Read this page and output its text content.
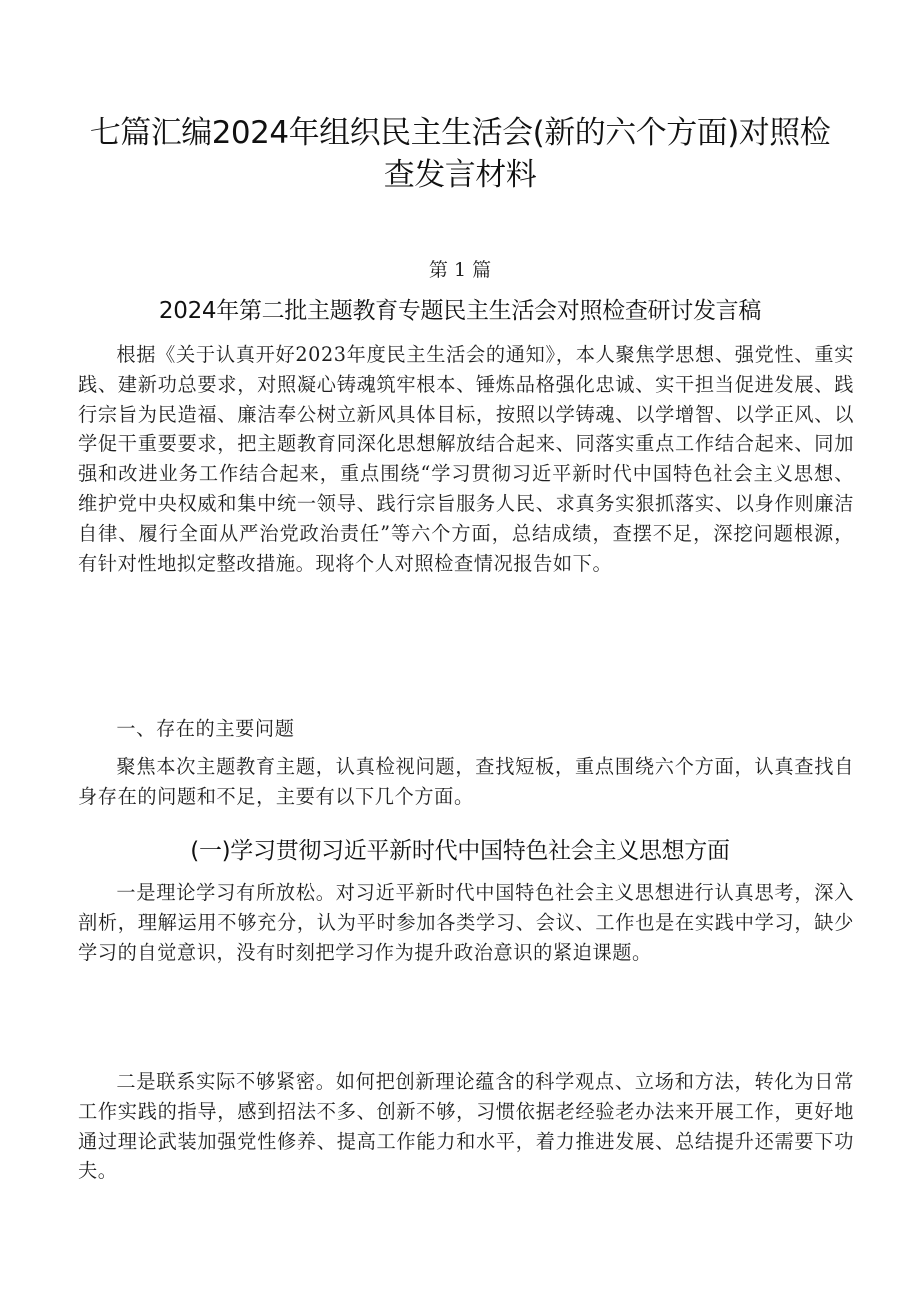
七篇汇编2024年组织民主生活会(新的六个方面)对照检查发言材料
第 1 篇
2024年第二批主题教育专题民主生活会对照检查研讨发言稿
根据《关于认真开好2023年度民主生活会的通知》，本人聚焦学思想、强党性、重实践、建新功总要求，对照凝心铸魂筑牢根本、锤炼品格强化忠诚、实干担当促进发展、践行宗旨为民造福、廉洁奉公树立新风具体目标，按照以学铸魂、以学增智、以学正风、以学促干重要要求，把主题教育同深化思想解放结合起来、同落实重点工作结合起来、同加强和改进业务工作结合起来，重点围绕“学习贯彻习近平新时代中国特色社会主义思想、维护党中央权威和集中统一领导、践行宗旨服务人民、求真务实狠抓落实、以身作则廉洁自律、履行全面从严治党政治责任”等六个方面，总结成绩，查摆不足，深挖问题根源，有针对性地拟定整改措施。现将个人对照检查情况报告如下。
一、存在的主要问题
聚焦本次主题教育主题，认真检视问题，查找短板，重点围绕六个方面，认真查找自身存在的问题和不足，主要有以下几个方面。
(一)学习贯彻习近平新时代中国特色社会主义思想方面
一是理论学习有所放松。对习近平新时代中国特色社会主义思想进行认真思考，深入剖析，理解运用不够充分，认为平时参加各类学习、会议、工作也是在实践中学习，缺少学习的自觉意识，没有时刻把学习作为提升政治意识的紧迫课题。
二是联系实际不够紧密。如何把创新理论蕴含的科学观点、立场和方法，转化为日常工作实践的指导，感到招法不多、创新不够，习惯依据老经验老办法来开展工作，更好地通过理论武装加强党性修养、提高工作能力和水平，着力推进发展、总结提升还需要下功夫。
